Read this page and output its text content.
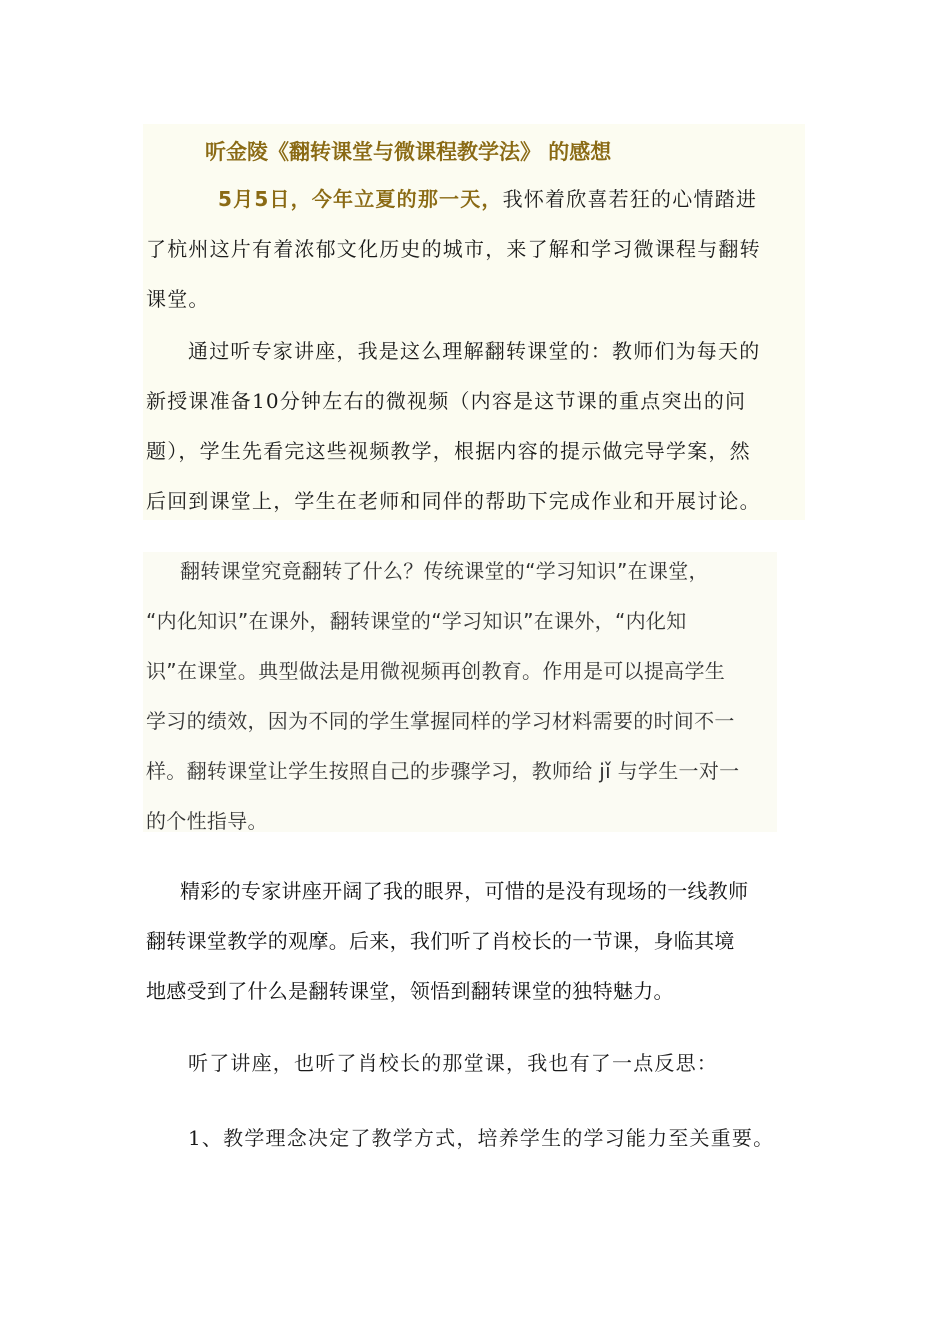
听金陵《翻转课堂与微课程教学法》 的感想
5月5日，今年立夏的那一天，我怀着欣喜若狂的心情踏进
了杭州这片有着浓郁文化历史的城市，来了解和学习微课程与翻转
课堂。
通过听专家讲座，我是这么理解翻转课堂的：教师们为每天的
新授课准备10分钟左右的微视频（内容是这节课的重点突出的问
题），学生先看完这些视频教学，根据内容的提示做完导学案，然
后回到课堂上，学生在老师和同伴的帮助下完成作业和开展讨论。
翻转课堂究竟翻转了什么？传统课堂的“学习知识”在课堂，
“内化知识”在课外，翻转课堂的“学习知识”在课外，“内化知
识”在课堂。典型做法是用微视频再创教育。作用是可以提高学生
学习的绩效，因为不同的学生掌握同样的学习材料需要的时间不一
样。翻转课堂让学生按照自己的步骤学习，教师给 jǐ 与学生一对一
的个性指导。
精彩的专家讲座开阔了我的眼界，可惜的是没有现场的一线教师
翻转课堂教学的观摩。后来，我们听了肖校长的一节课，身临其境
地感受到了什么是翻转课堂，领悟到翻转课堂的独特魅力。
听了讲座，也听了肖校长的那堂课，我也有了一点反思：
1、教学理念决定了教学方式，培养学生的学习能力至关重要。
